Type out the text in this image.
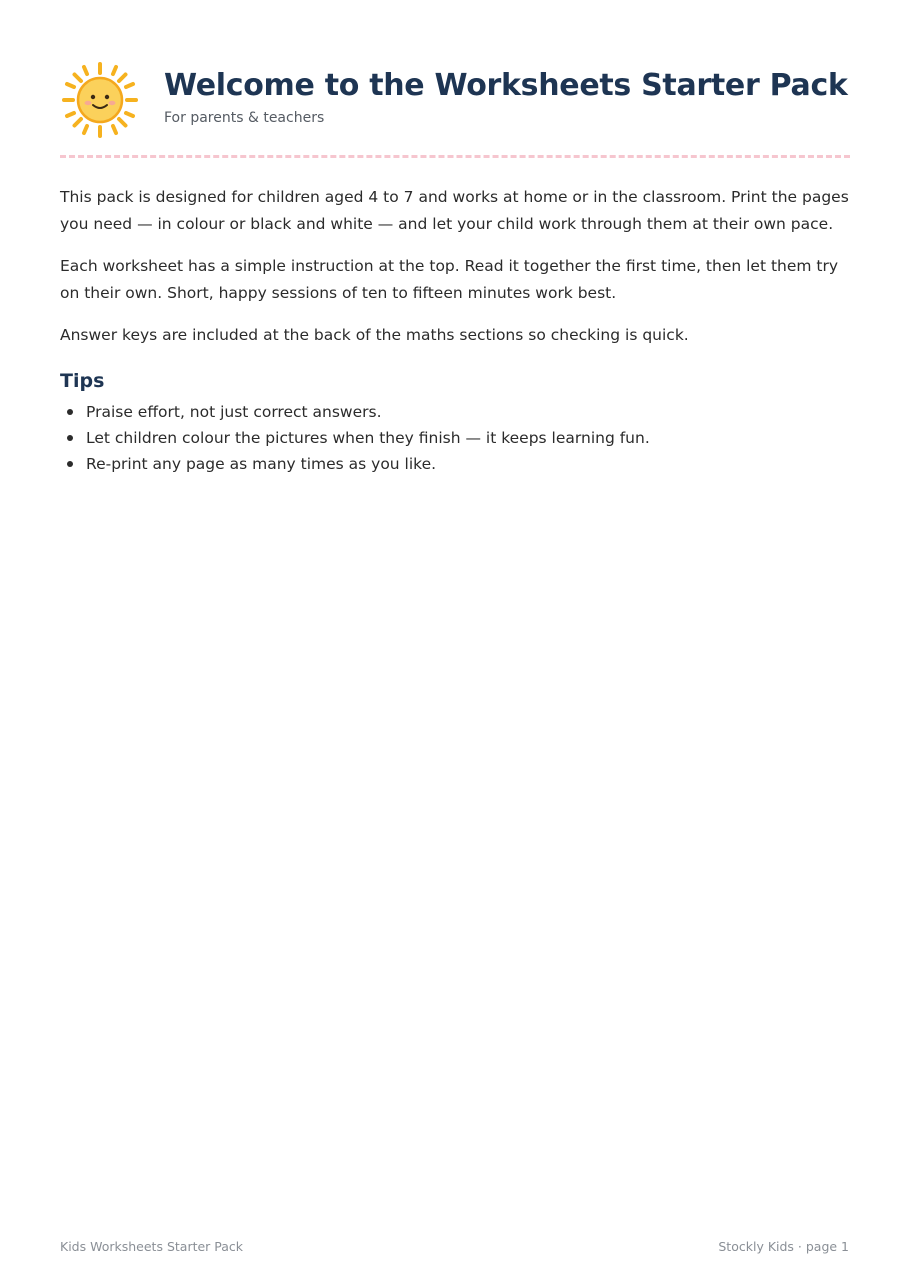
Welcome to the Worksheets Starter Pack
For parents & teachers

This pack is designed for children aged 4 to 7 and works at home or in the classroom. Print the pages you need — in colour or black and white — and let your child work through them at their own pace.

Each worksheet has a simple instruction at the top. Read it together the first time, then let them try on their own. Short, happy sessions of ten to fifteen minutes work best.

Answer keys are included at the back of the maths sections so checking is quick.

Tips
Praise effort, not just correct answers.
Let children colour the pictures when they finish — it keeps learning fun.
Re-print any page as many times as you like.
Kids Worksheets Starter Pack	Stockly Kids · page 1
